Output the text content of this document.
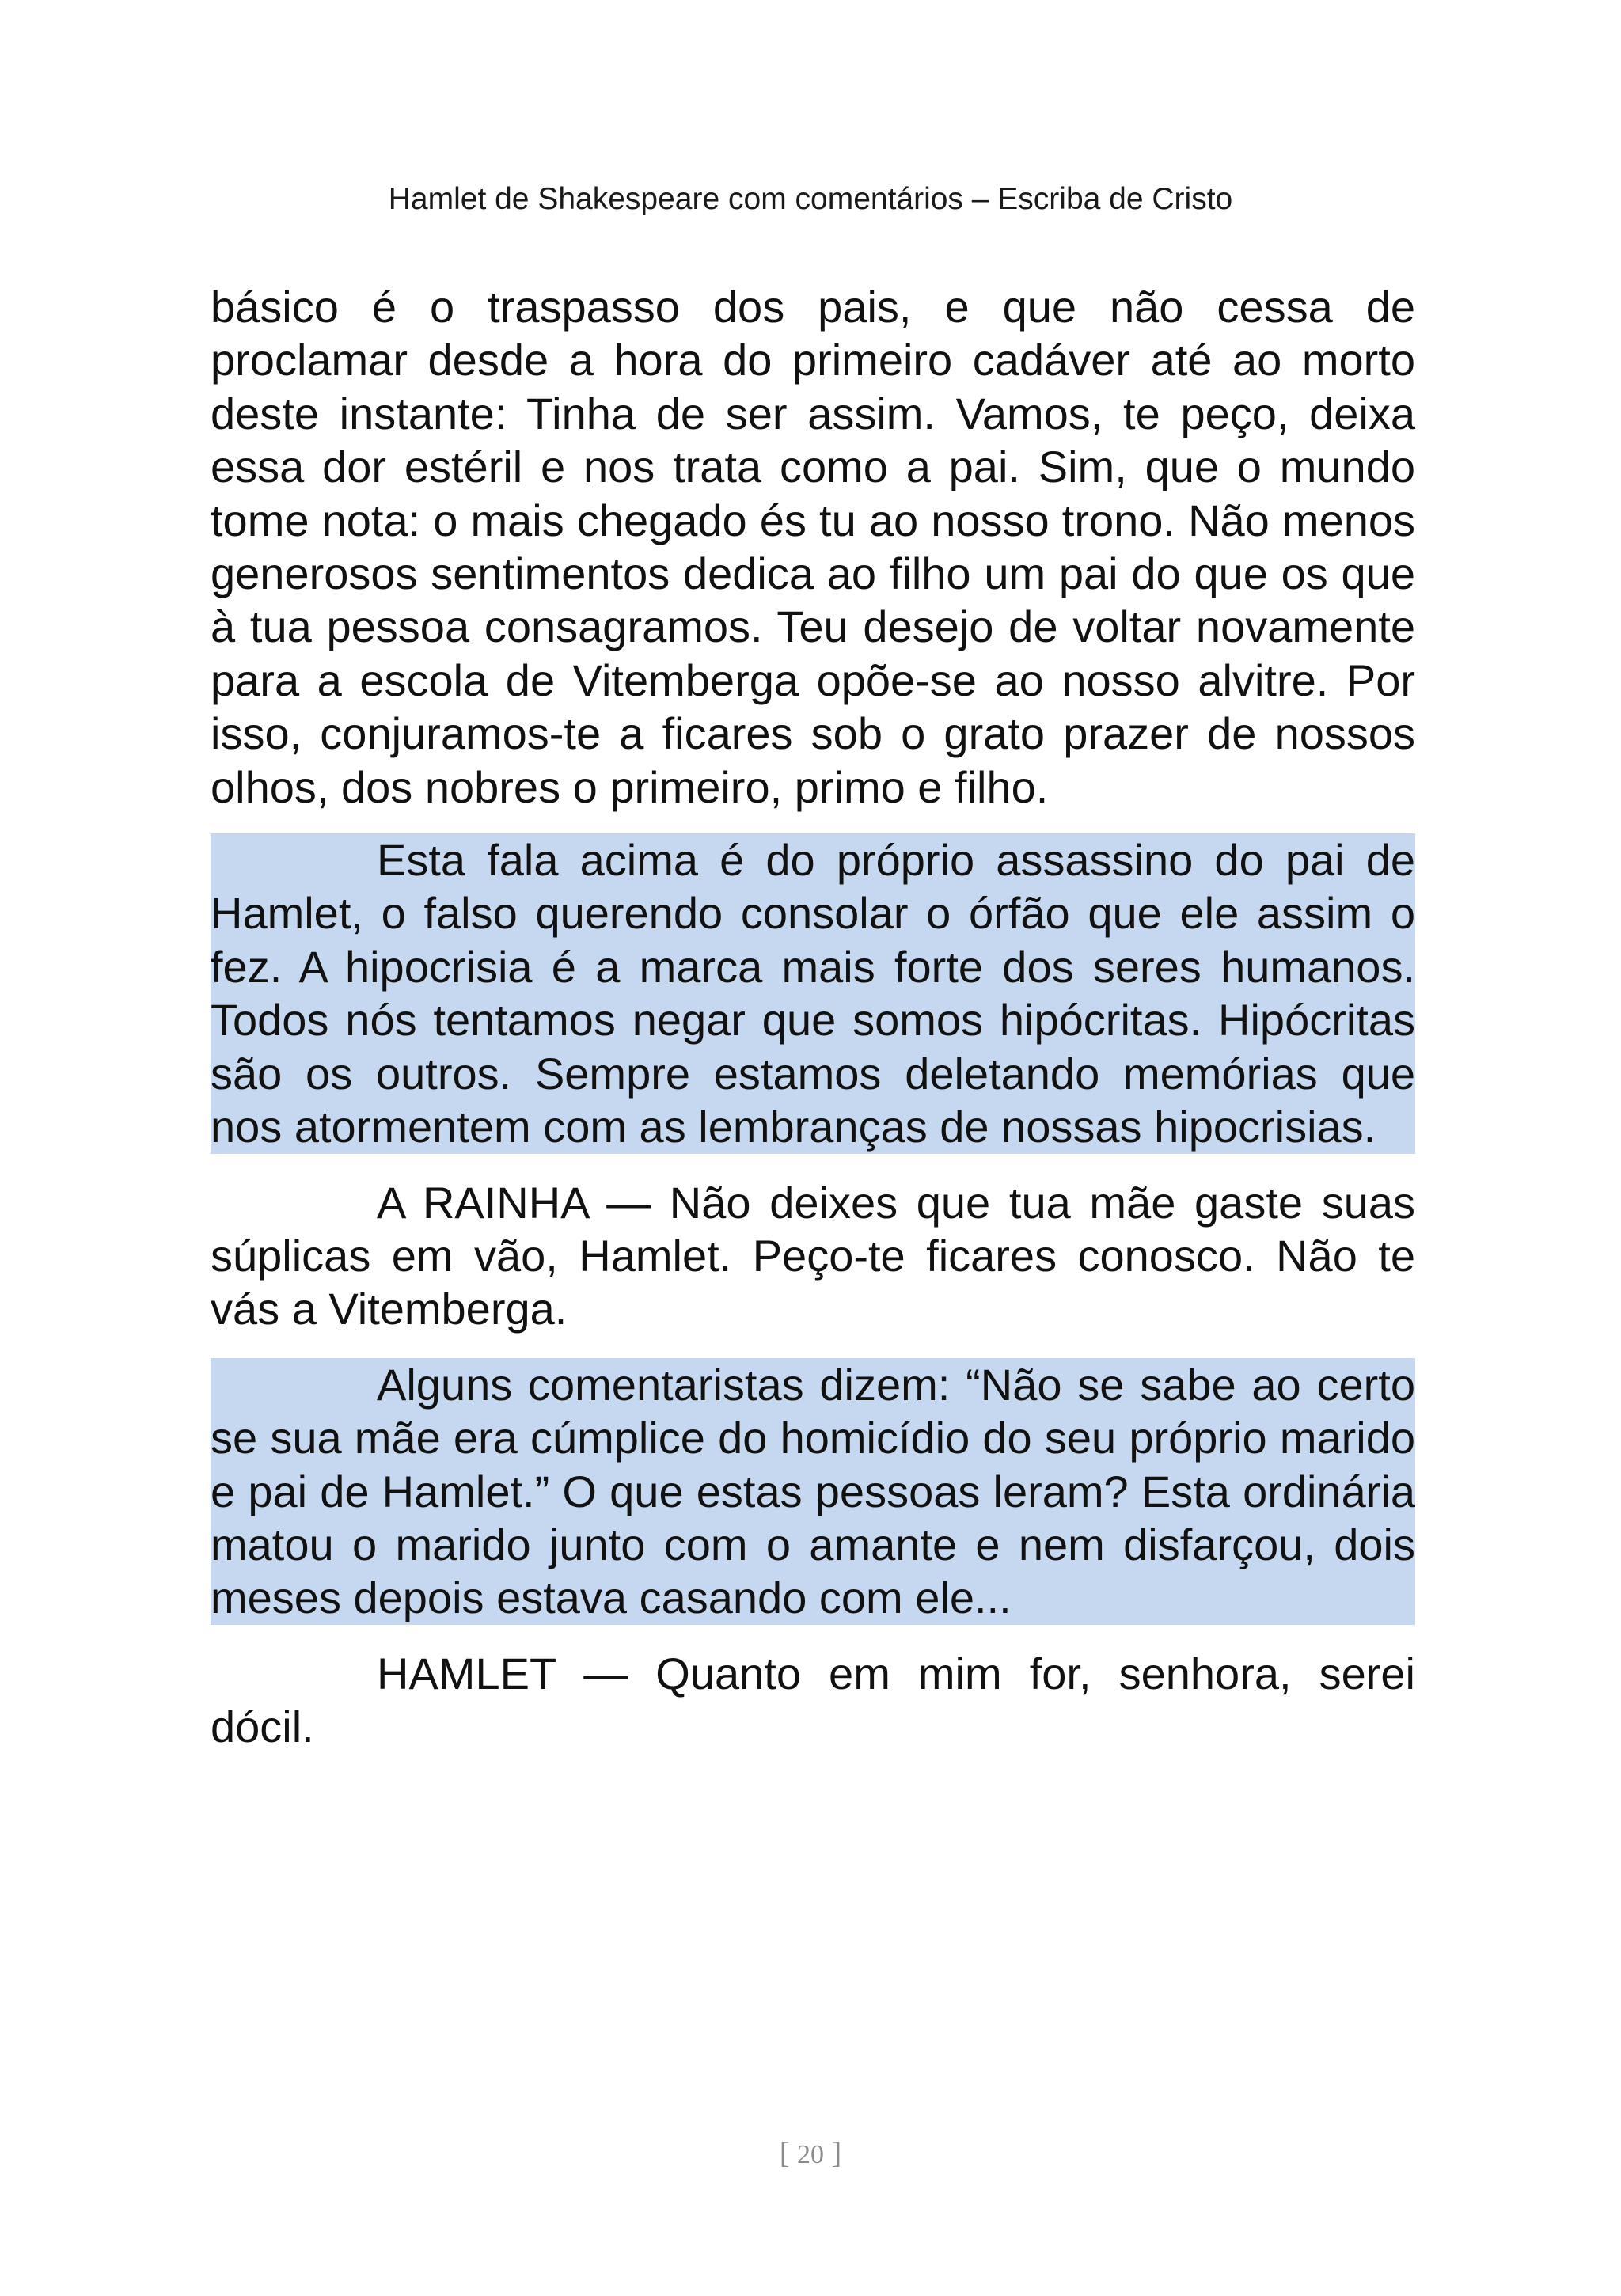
Hamlet de Shakespeare com comentários – Escriba de Cristo

básico é o traspasso dos pais, e que não cessa de proclamar desde a hora do primeiro cadáver até ao morto deste instante: Tinha de ser assim. Vamos, te peço, deixa essa dor estéril e nos trata como a pai. Sim, que o mundo tome nota: o mais chegado és tu ao nosso trono. Não menos generosos sentimentos dedica ao filho um pai do que os que à tua pessoa consagramos. Teu desejo de voltar novamente para a escola de Vitemberga opõe-se ao nosso alvitre. Por isso, conjuramos-te a ficares sob o grato prazer de nossos olhos, dos nobres o primeiro, primo e filho.

Esta fala acima é do próprio assassino do pai de Hamlet, o falso querendo consolar o órfão que ele assim o fez. A hipocrisia é a marca mais forte dos seres humanos. Todos nós tentamos negar que somos hipócritas. Hipócritas são os outros. Sempre estamos deletando memórias que nos atormentem com as lembranças de nossas hipocrisias.

A RAINHA — Não deixes que tua mãe gaste suas súplicas em vão, Hamlet. Peço-te ficares conosco. Não te vás a Vitemberga.

Alguns comentaristas dizem: “Não se sabe ao certo se sua mãe era cúmplice do homicídio do seu próprio marido e pai de Hamlet.” O que estas pessoas leram? Esta ordinária matou o marido junto com o amante e nem disfarçou, dois meses depois estava casando com ele...

HAMLET — Quanto em mim for, senhora, serei dócil.

[ 20 ]
